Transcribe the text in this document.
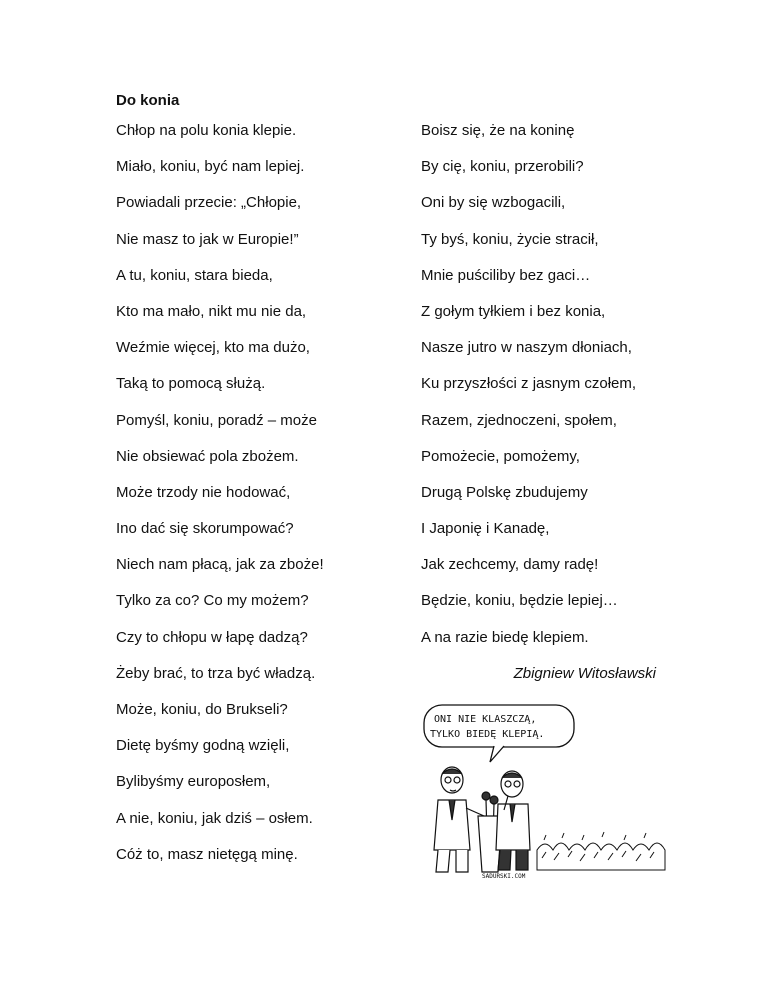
Do konia
Chłop na polu konia klepie.
Miało, koniu, być nam lepiej.
Powiadali przecie: „Chłopie,
Nie masz to jak w Europie!”
A tu, koniu, stara bieda,
Kto ma mało, nikt mu nie da,
Weźmie więcej, kto ma dużo,
Taką to pomocą służą.
Pomyśl, koniu, poradź – może
Nie obsiewać pola zbożem.
Może trzody nie hodować,
Ino dać się skorumpować?
Niech nam płacą, jak za zboże!
Tylko za co? Co my możem?
Czy to chłopu w łapę dadzą?
Żeby brać, to trza być władzą.
Może, koniu, do Brukseli?
Dietę byśmy godną wzięli,
Bylibyśmy europosłem,
A nie, koniu, jak dziś – osłem.
Cóż to, masz nietęgą minę.
Boisz się, że na koninę
By cię, koniu, przerobili?
Oni by się wzbogacili,
Ty byś, koniu, życie stracił,
Mnie puściliby bez gaci…
Z gołym tyłkiem i bez konia,
Nasze jutro w naszym dłoniach,
Ku przyszłości z jasnym czołem,
Razem, zjednoczeni, społem,
Pomożecie, pomożemy,
Drugą Polskę zbudujemy
I Japonię i Kanadę,
Jak zechcemy, damy radę!
Będzie, koniu, będzie lepiej…
A na razie biedę klepiem.
Zbigniew Witosławski
ONI NIE KLASZCZĄ,
TYLKO BIEDĘ KLEPIĄ.
SADURSKI.COM
